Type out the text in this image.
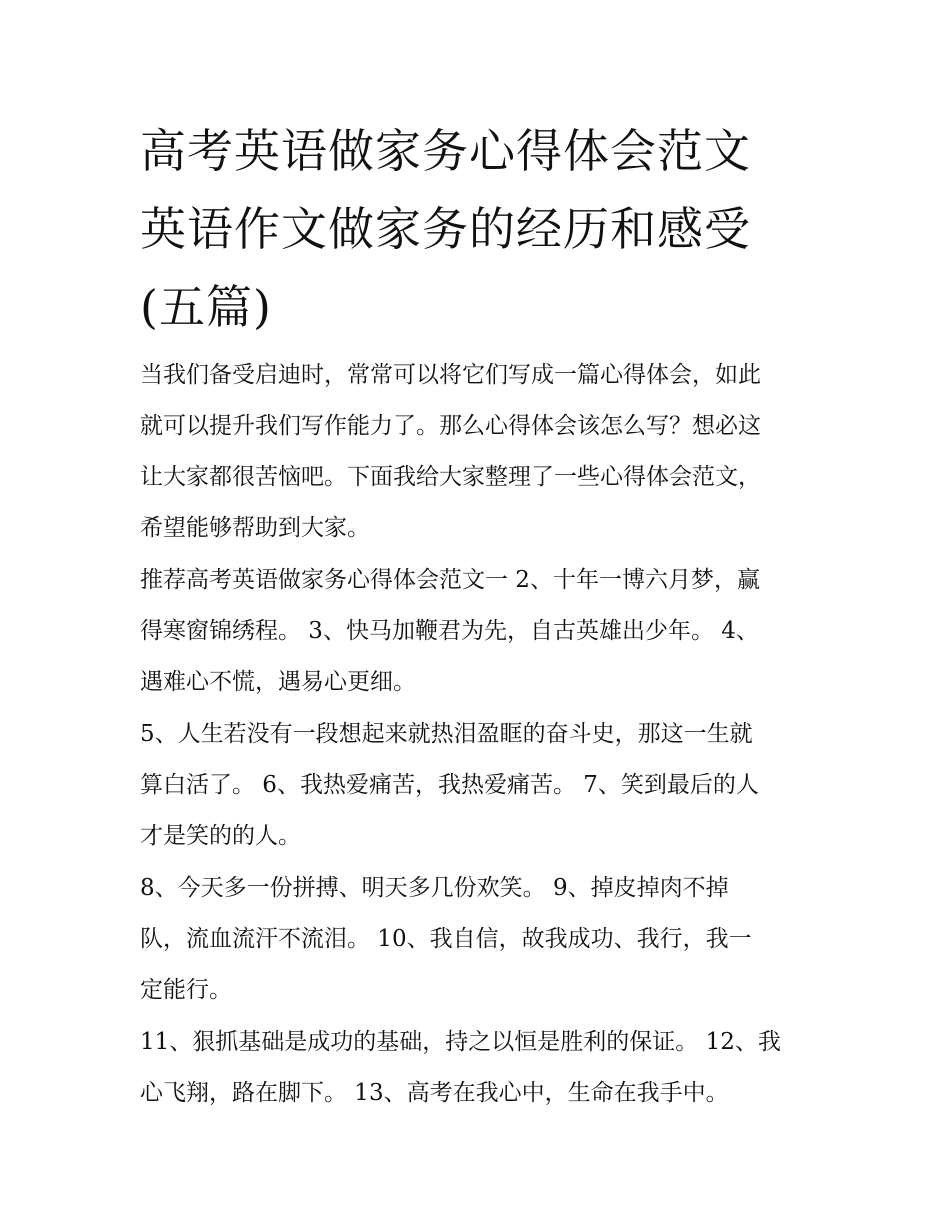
高考英语做家务心得体会范文
英语作文做家务的经历和感受
(五篇)

当我们备受启迪时，常常可以将它们写成一篇心得体会，如此
就可以提升我们写作能力了。那么心得体会该怎么写？想必这
让大家都很苦恼吧。下面我给大家整理了一些心得体会范文，
希望能够帮助到大家。

推荐高考英语做家务心得体会范文一 2、十年一博六月梦，赢
得寒窗锦绣程。 3、快马加鞭君为先，自古英雄出少年。 4、
遇难心不慌，遇易心更细。

5、人生若没有一段想起来就热泪盈眶的奋斗史，那这一生就
算白活了。 6、我热爱痛苦，我热爱痛苦。 7、笑到最后的人
才是笑的的人。

8、今天多一份拼搏、明天多几份欢笑。 9、掉皮掉肉不掉
队，流血流汗不流泪。 10、我自信，故我成功、我行，我一
定能行。

11、狠抓基础是成功的基础，持之以恒是胜利的保证。 12、我
心飞翔，路在脚下。 13、高考在我心中，生命在我手中。
